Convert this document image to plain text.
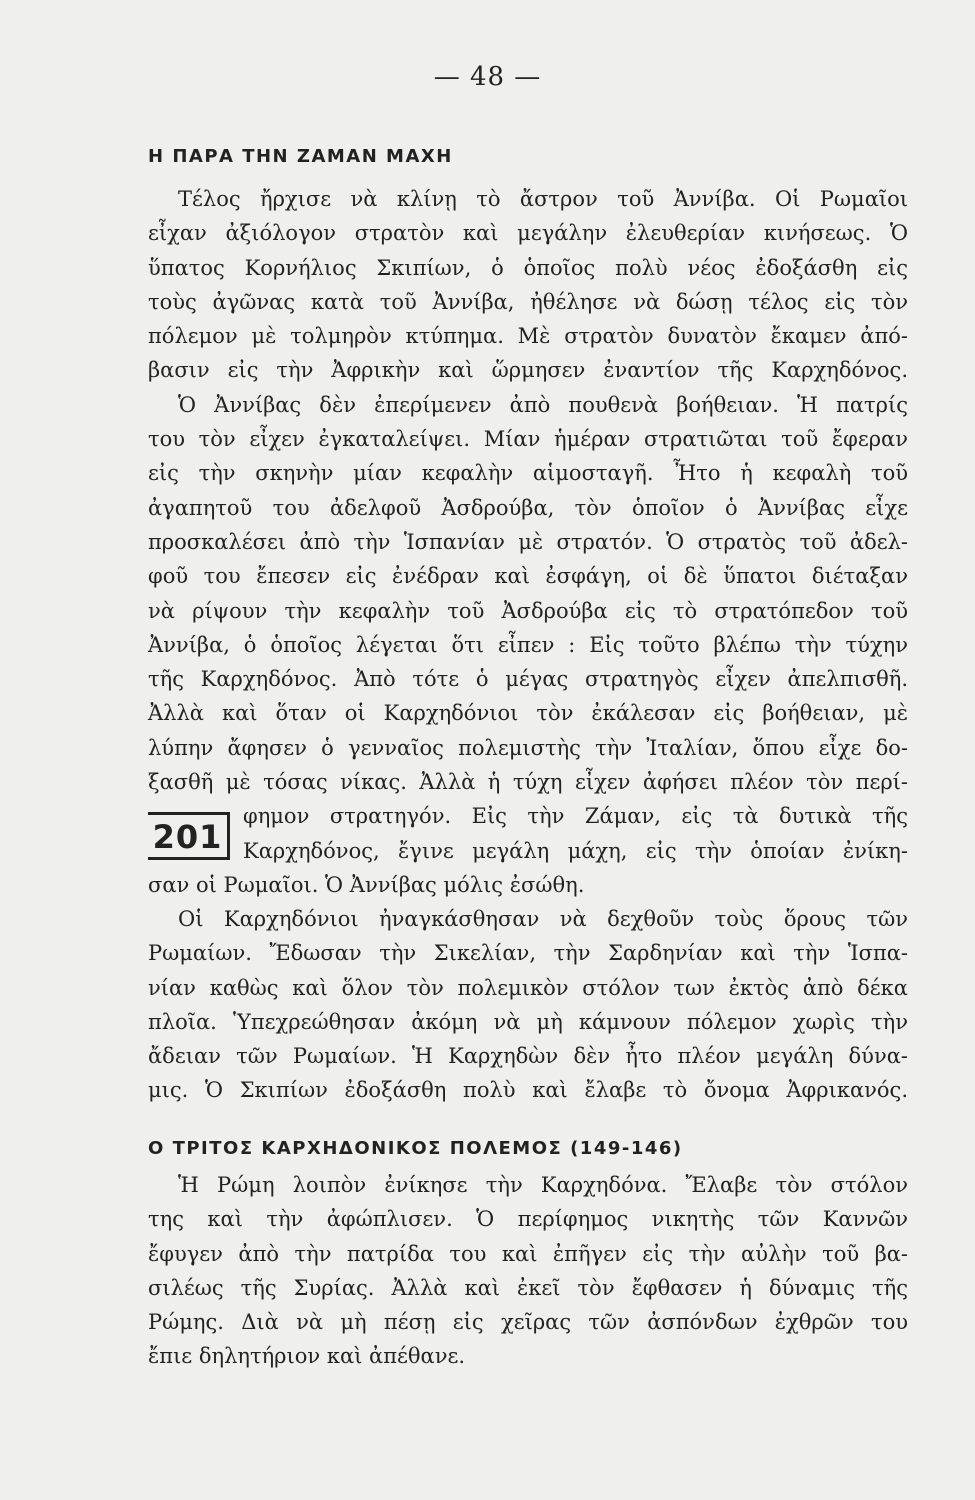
— 48 —
Η ΠΑΡΑ ΤΗΝ ΖΑΜΑΝ ΜΑΧΗ
Τέλος ἤρχισε νὰ κλίνῃ τὸ ἄστρον τοῦ Ἀννίβα. Οἱ Ρωμαῖοι
εἶχαν ἀξιόλογον στρατὸν καὶ μεγάλην ἐλευθερίαν κινήσεως. Ὁ
ὕπατος Κορνήλιος Σκιπίων, ὁ ὁποῖος πολὺ νέος ἐδοξάσθη εἰς
τοὺς ἀγῶνας κατὰ τοῦ Ἀννίβα, ἠθέλησε νὰ δώσῃ τέλος εἰς τὸν
πόλεμον μὲ τολμηρὸν κτύπημα. Μὲ στρατὸν δυνατὸν ἔκαμεν ἀπό-
βασιν εἰς τὴν Ἀφρικὴν καὶ ὥρμησεν ἐναντίον τῆς Καρχηδόνος.
Ὁ Ἀννίβας δὲν ἐπερίμενεν ἀπὸ πουθενὰ βοήθειαν. Ἡ πατρίς
του τὸν εἶχεν ἐγκαταλείψει. Μίαν ἡμέραν στρατιῶται τοῦ ἔφεραν
εἰς τὴν σκηνὴν μίαν κεφαλὴν αἱμοσταγῆ. Ἦτο ἡ κεφαλὴ τοῦ
ἀγαπητοῦ του ἀδελφοῦ Ἀσδρούβα, τὸν ὁποῖον ὁ Ἀννίβας εἶχε
προσκαλέσει ἀπὸ τὴν Ἱσπανίαν μὲ στρατόν. Ὁ στρατὸς τοῦ ἀδελ-
φοῦ του ἔπεσεν εἰς ἐνέδραν καὶ ἐσφάγη, οἱ δὲ ὕπατοι διέταξαν
νὰ ρίψουν τὴν κεφαλὴν τοῦ Ἀσδρούβα εἰς τὸ στρατόπεδον τοῦ
Ἀννίβα, ὁ ὁποῖος λέγεται ὅτι εἶπεν : Εἰς τοῦτο βλέπω τὴν τύχην
τῆς Καρχηδόνος. Ἀπὸ τότε ὁ μέγας στρατηγὸς εἶχεν ἀπελπισθῆ.
Ἀλλὰ καὶ ὅταν οἱ Καρχηδόνιοι τὸν ἐκάλεσαν εἰς βοήθειαν, μὲ
λύπην ἄφησεν ὁ γενναῖος πολεμιστὴς τὴν Ἰταλίαν, ὅπου εἶχε δο-
ξασθῆ μὲ τόσας νίκας. Ἀλλὰ ἡ τύχη εἶχεν ἀφήσει πλέον τὸν περί-
φημον στρατηγόν. Εἰς τὴν Ζάμαν, εἰς τὰ δυτικὰ τῆς
Καρχηδόνος, ἔγινε μεγάλη μάχη, εἰς τὴν ὁποίαν ἐνίκη-
σαν οἱ Ρωμαῖοι. Ὁ Ἀννίβας μόλις ἐσώθη.
201
Οἱ Καρχηδόνιοι ἠναγκάσθησαν νὰ δεχθοῦν τοὺς ὅρους τῶν
Ρωμαίων. Ἔδωσαν τὴν Σικελίαν, τὴν Σαρδηνίαν καὶ τὴν Ἱσπα-
νίαν καθὼς καὶ ὅλον τὸν πολεμικὸν στόλον των ἐκτὸς ἀπὸ δέκα
πλοῖα. Ὑπεχρεώθησαν ἀκόμη νὰ μὴ κάμνουν πόλεμον χωρὶς τὴν
ἄδειαν τῶν Ρωμαίων. Ἡ Καρχηδὼν δὲν ἦτο πλέον μεγάλη δύνα-
μις. Ὁ Σκιπίων ἐδοξάσθη πολὺ καὶ ἔλαβε τὸ ὄνομα Ἀφρικανός.
Ο ΤΡΙΤΟΣ ΚΑΡΧΗΔΟΝΙΚΟΣ ΠΟΛΕΜΟΣ (149-146)
Ἡ Ρώμη λοιπὸν ἐνίκησε τὴν Καρχηδόνα. Ἔλαβε τὸν στόλον
της καὶ τὴν ἀφώπλισεν. Ὁ περίφημος νικητὴς τῶν Καννῶν
ἔφυγεν ἀπὸ τὴν πατρίδα του καὶ ἐπῆγεν εἰς τὴν αὐλὴν τοῦ βα-
σιλέως τῆς Συρίας. Ἀλλὰ καὶ ἐκεῖ τὸν ἔφθασεν ἡ δύναμις τῆς
Ρώμης. Διὰ νὰ μὴ πέσῃ εἰς χεῖρας τῶν ἀσπόνδων ἐχθρῶν του
ἔπιε δηλητήριον καὶ ἀπέθανε.
